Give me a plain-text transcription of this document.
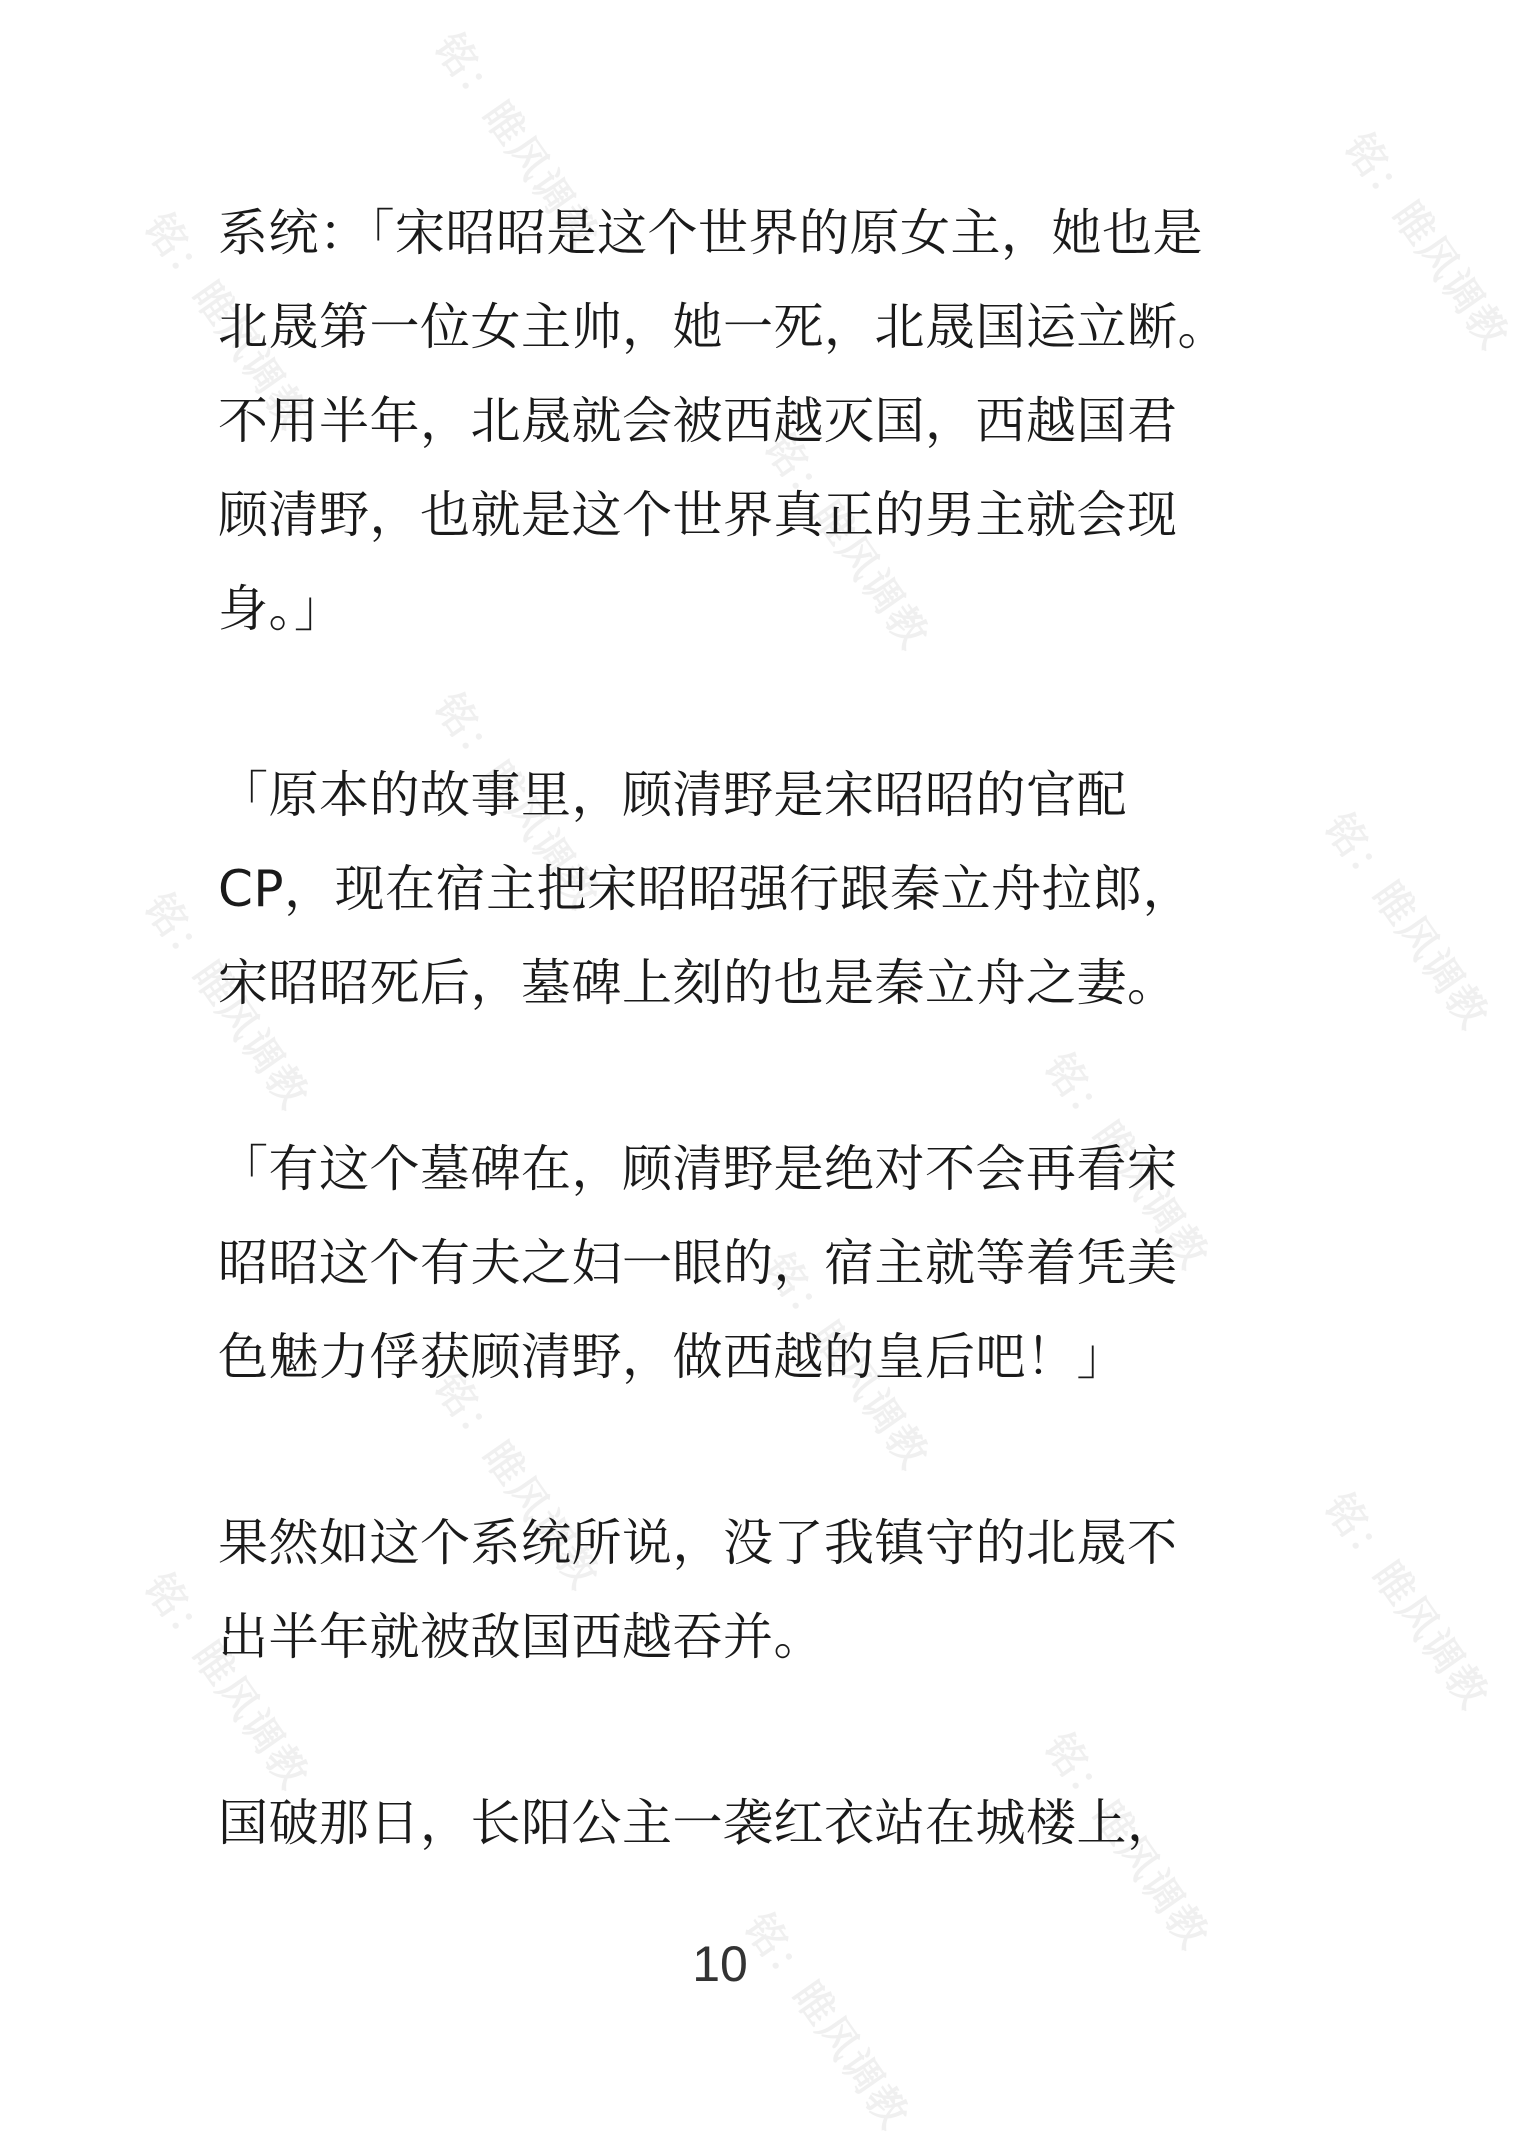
铭：睢风调教	铭：睢风调教
铭：睢风调教
铭：睢风调教
铭：睢风调教
铭：睢风调教
铭：睢风调教
铭：睢风调教
铭：睢风调教
铭：睢风调教
铭：睢风调教
铭：睢风调教
铭：睢风调教
铭：睢风调教
系统：「宋昭昭是这个世界的原女主，她也是
北晟第一位女主帅，她一死，北晟国运立断。
不用半年，北晟就会被西越灭国，西越国君
顾清野，也就是这个世界真正的男主就会现
身。」
「原本的故事里，顾清野是宋昭昭的官配
CP，现在宿主把宋昭昭强行跟秦立舟拉郎，
宋昭昭死后，墓碑上刻的也是秦立舟之妻。
「有这个墓碑在，顾清野是绝对不会再看宋
昭昭这个有夫之妇一眼的，宿主就等着凭美
色魅力俘获顾清野，做西越的皇后吧！」
果然如这个系统所说，没了我镇守的北晟不
出半年就被敌国西越吞并。
国破那日，长阳公主一袭红衣站在城楼上，
10
